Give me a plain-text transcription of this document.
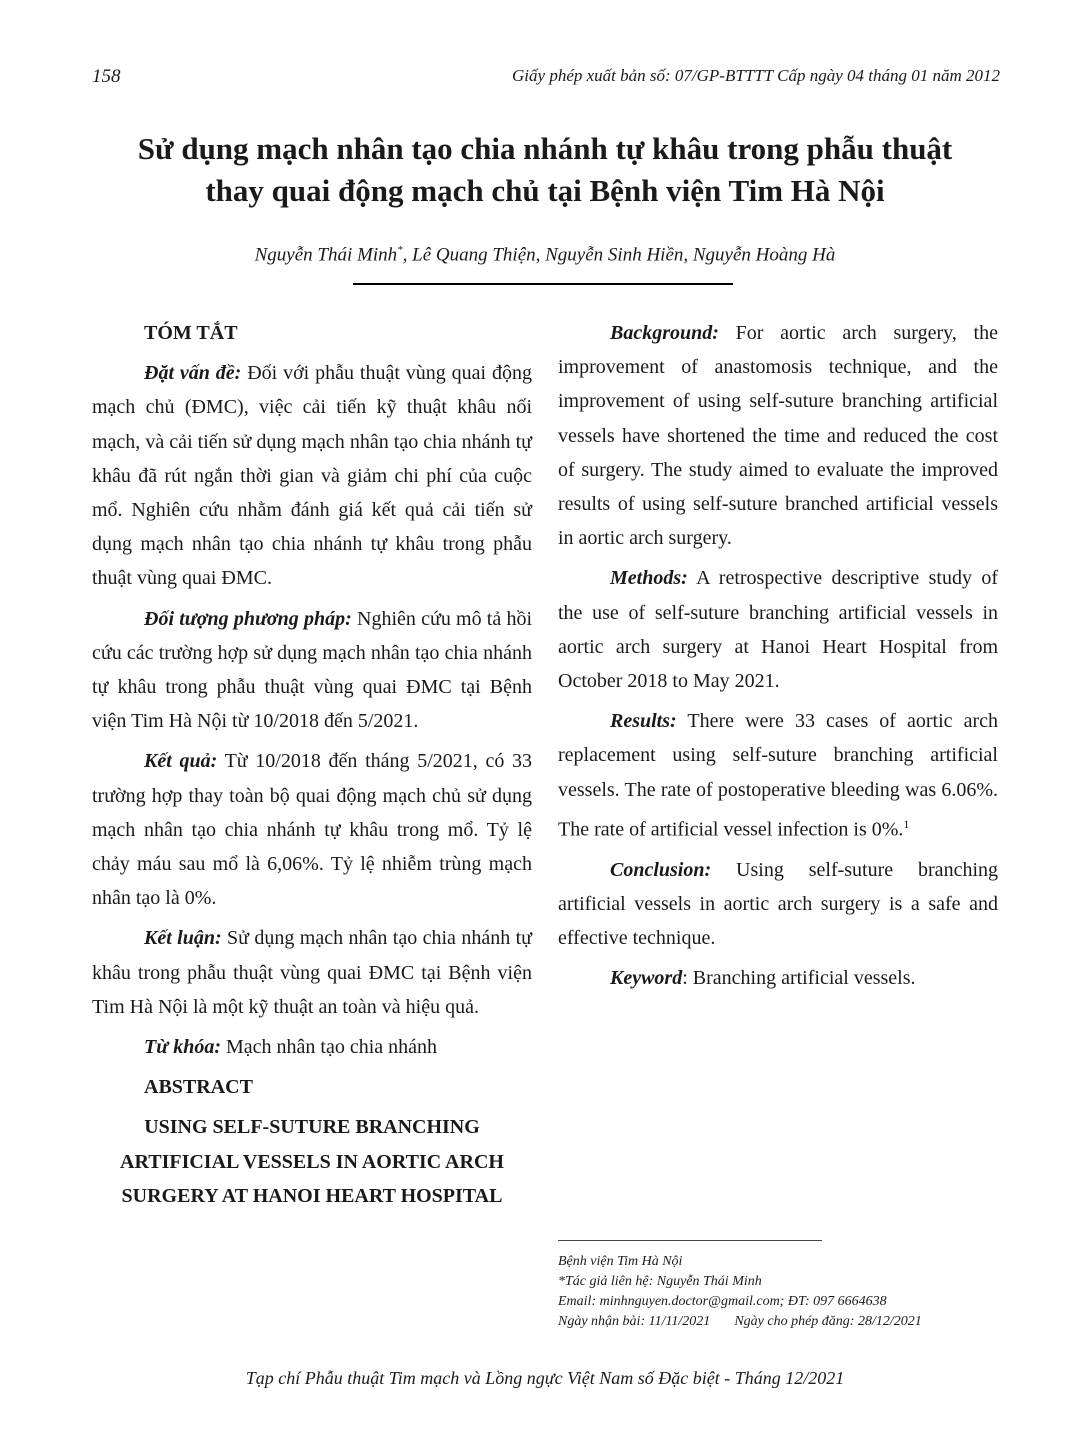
158	Giấy phép xuất bản số: 07/GP-BTTTT Cấp ngày 04 tháng 01 năm 2012
Sử dụng mạch nhân tạo chia nhánh tự khâu trong phẫu thuật
thay quai động mạch chủ tại Bệnh viện Tim Hà Nội
Nguyễn Thái Minh*, Lê Quang Thiện, Nguyễn Sinh Hiền, Nguyễn Hoàng Hà

TÓM TẮT

Đặt vấn đề: Đối với phẫu thuật vùng quai động mạch chủ (ĐMC), việc cải tiến kỹ thuật khâu nối mạch, và cải tiến sử dụng mạch nhân tạo chia nhánh tự khâu đã rút ngắn thời gian và giảm chi phí của cuộc mổ. Nghiên cứu nhằm đánh giá kết quả cải tiến sử dụng mạch nhân tạo chia nhánh tự khâu trong phẫu thuật vùng quai ĐMC.

Đối tượng phương pháp: Nghiên cứu mô tả hồi cứu các trường hợp sử dụng mạch nhân tạo chia nhánh tự khâu trong phẫu thuật vùng quai ĐMC tại Bệnh viện Tim Hà Nội từ 10/2018 đến 5/2021.

Kết quả: Từ 10/2018 đến tháng 5/2021, có 33 trường hợp thay toàn bộ quai động mạch chủ sử dụng mạch nhân tạo chia nhánh tự khâu trong mổ. Tỷ lệ chảy máu sau mổ là 6,06%. Tỷ lệ nhiễm trùng mạch nhân tạo là 0%.

Kết luận: Sử dụng mạch nhân tạo chia nhánh tự khâu trong phẫu thuật vùng quai ĐMC tại Bệnh viện Tim Hà Nội là một kỹ thuật an toàn và hiệu quả.

Từ khóa: Mạch nhân tạo chia nhánh

ABSTRACT

USING SELF-SUTURE BRANCHING ARTIFICIAL VESSELS IN AORTIC ARCH SURGERY AT HANOI HEART HOSPITAL

Background: For aortic arch surgery, the improvement of anastomosis technique, and the improvement of using self-suture branching artificial vessels have shortened the time and reduced the cost of surgery. The study aimed to evaluate the improved results of using self-suture branched artificial vessels in aortic arch surgery.

Methods: A retrospective descriptive study of the use of self-suture branching artificial vessels in aortic arch surgery at Hanoi Heart Hospital from October 2018 to May 2021.

Results: There were 33 cases of aortic arch replacement using self-suture branching artificial vessels. The rate of postoperative bleeding was 6.06%. The rate of artificial vessel infection is 0%.$^1$

Conclusion: Using self-suture branching artificial vessels in aortic arch surgery is a safe and effective technique.

Keyword: Branching artificial vessels.

Bệnh viện Tim Hà Nội
*Tác giả liên hệ: Nguyễn Thái Minh
Email: minhnguyen.doctor@gmail.com; ĐT: 097 6664638
Ngày nhận bài: 11/11/2021 Ngày cho phép đăng: 28/12/2021
Tạp chí Phẫu thuật Tim mạch và Lồng ngực Việt Nam số Đặc biệt - Tháng 12/2021
